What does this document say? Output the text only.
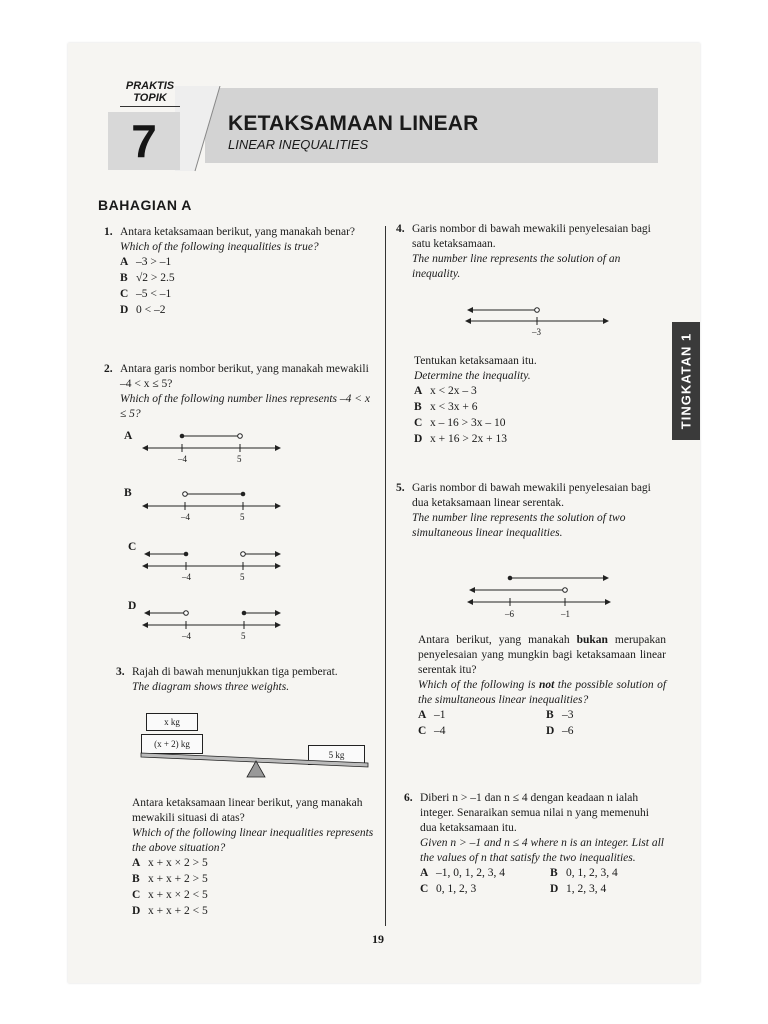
PRAKTIS
TOPIK
7	KETAKSAMAAN LINEAR
LINEAR INEQUALITIES
BAHAGIAN A
TINGKATAN 1
1. Antara ketaksamaan berikut, yang manakah benar?
Which of the following inequalities is true?
A –3 > –1
B √2 > 2.5
C –5 < –1
D 0 < –2
2. Antara garis nombor berikut, yang manakah mewakili –4 < x ≤ 5?
Which of the following number lines represents –4 < x ≤ 5?
A
–4	5
B
–4	5
C
–4	5
D
–4	5
3. Rajah di bawah menunjukkan tiga pemberat.
The diagram shows three weights.
x kg
(x + 2) kg
5 kg
Antara ketaksamaan linear berikut, yang manakah mewakili situasi di atas?
Which of the following linear inequalities represents the above situation?
A x + x × 2 > 5
B x + x + 2 > 5
C x + x × 2 < 5
D x + x + 2 < 5
4. Garis nombor di bawah mewakili penyelesaian bagi satu ketaksamaan.
The number line represents the solution of an inequality.
–3
Tentukan ketaksamaan itu.
Determine the inequality.
A x < 2x – 3
B x < 3x + 6
C x – 16 > 3x – 10
D x + 16 > 2x + 13
5. Garis nombor di bawah mewakili penyelesaian bagi dua ketaksamaan linear serentak.
The number line represents the solution of two simultaneous linear inequalities.
–6	–1
Antara berikut, yang manakah bukan merupakan penyelesaian yang mungkin bagi ketaksamaan linear serentak itu?
Which of the following is not the possible solution of the simultaneous linear inequalities?
A –1	B –3
C –4	D –6
6. Diberi n > –1 dan n ≤ 4 dengan keadaan n ialah integer. Senaraikan semua nilai n yang memenuhi dua ketaksamaan itu.
Given n > –1 and n ≤ 4 where n is an integer. List all the values of n that satisfy the two inequalities.
A –1, 0, 1, 2, 3, 4	B 0, 1, 2, 3, 4
C 0, 1, 2, 3	D 1, 2, 3, 4
19
